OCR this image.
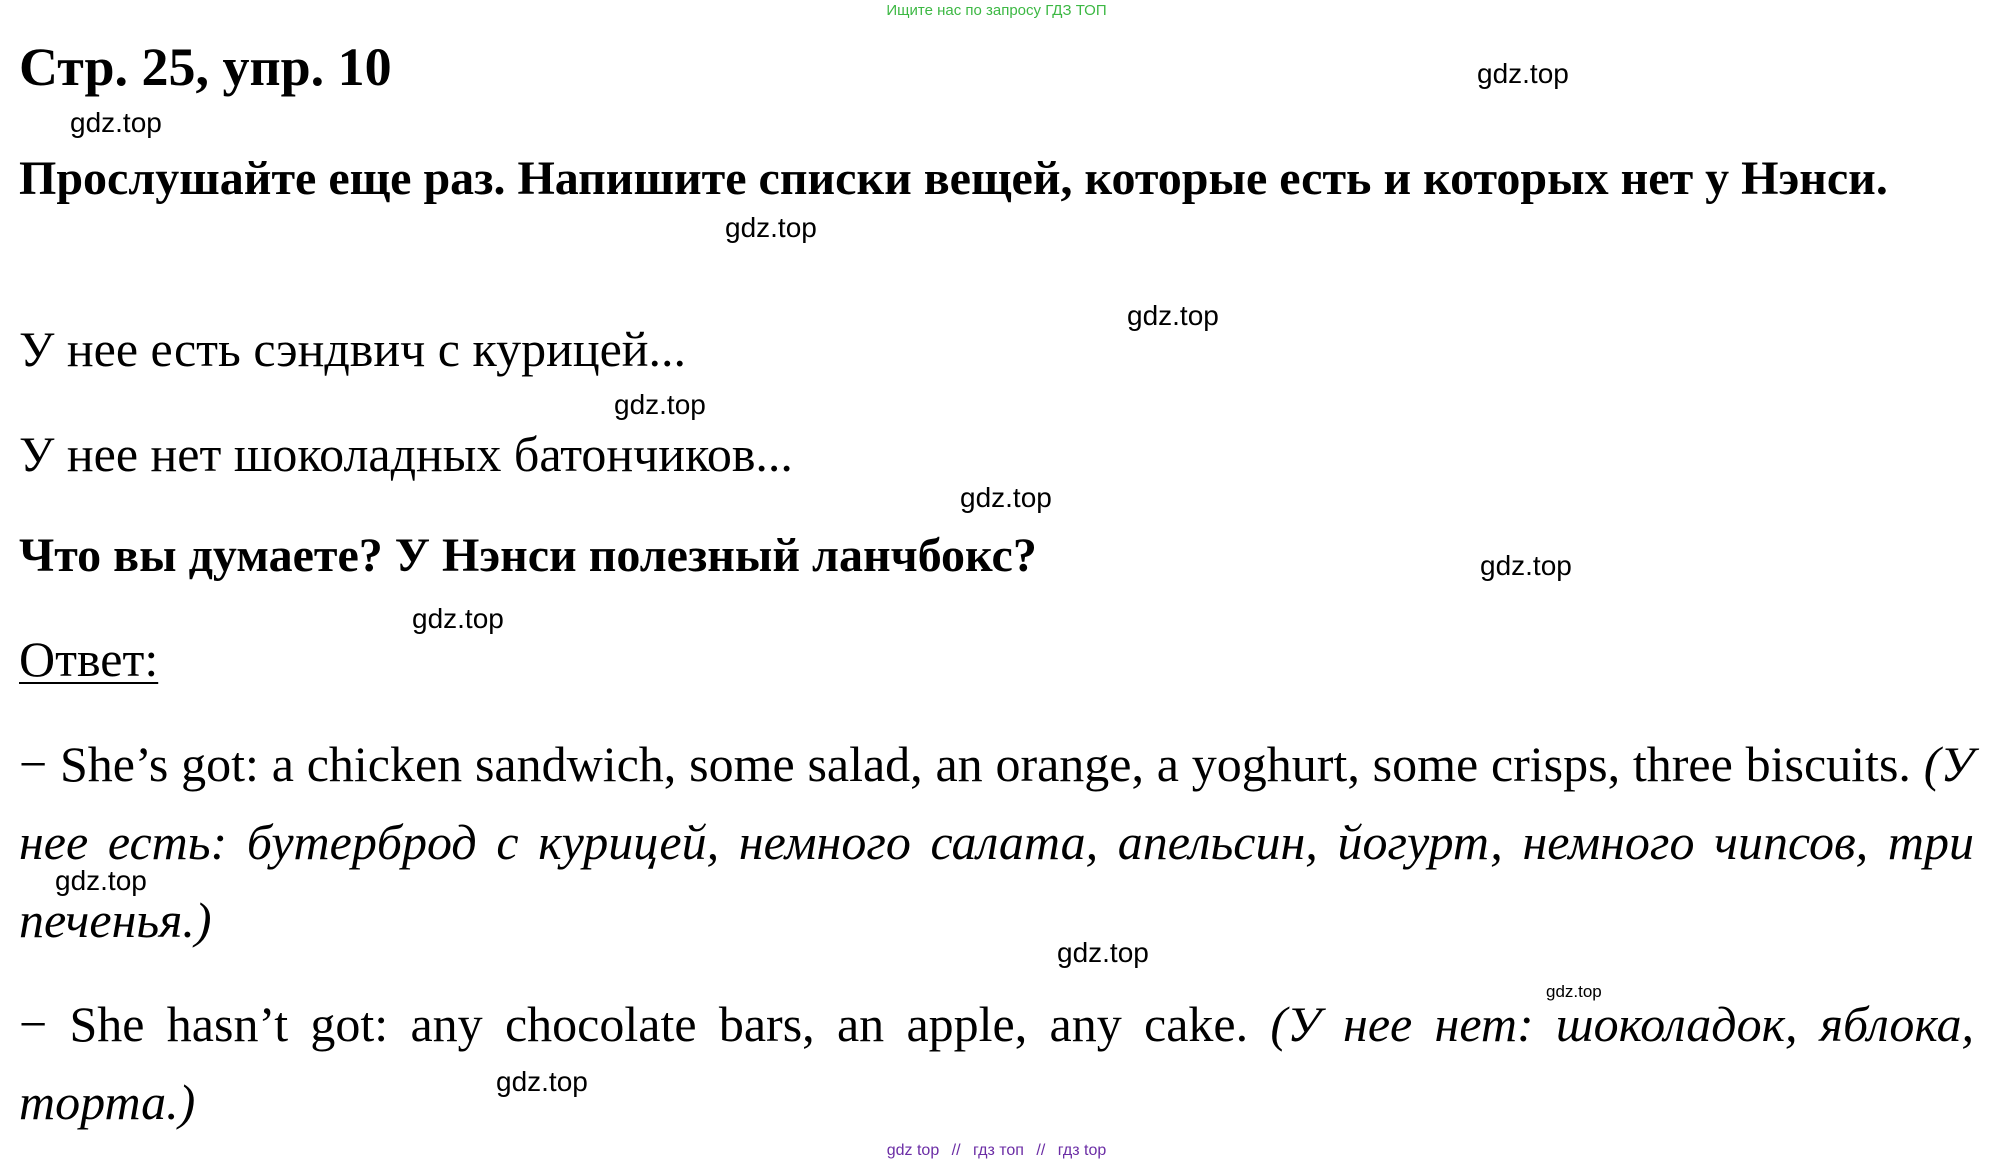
Ищите нас по запросу ГДЗ ТОП
Стр. 25, упр. 10
Прослушайте еще раз. Напишите списки вещей, которые есть и которых нет у Нэнси.
У нее есть сэндвич с курицей...
У нее нет шоколадных батончиков...
Что вы думаете? У Нэнси полезный ланчбокс?
Ответ:
− She’s got: a chicken sandwich, some salad, an orange, a yoghurt, some crisps, three biscuits. (У нее есть: бутерброд с курицей, немного салата, апельсин, йогурт, немного чипсов, три печенья.)
− She hasn’t got: any chocolate bars, an apple, any cake. (У нее нет: шоколадок, яблока, торта.)
gdz.top
gdz.top
gdz.top
gdz.top
gdz.top
gdz.top
gdz.top
gdz.top
gdz.top
gdz.top
gdz.top
gdz.top
gdz top // гдз топ // гдз top
